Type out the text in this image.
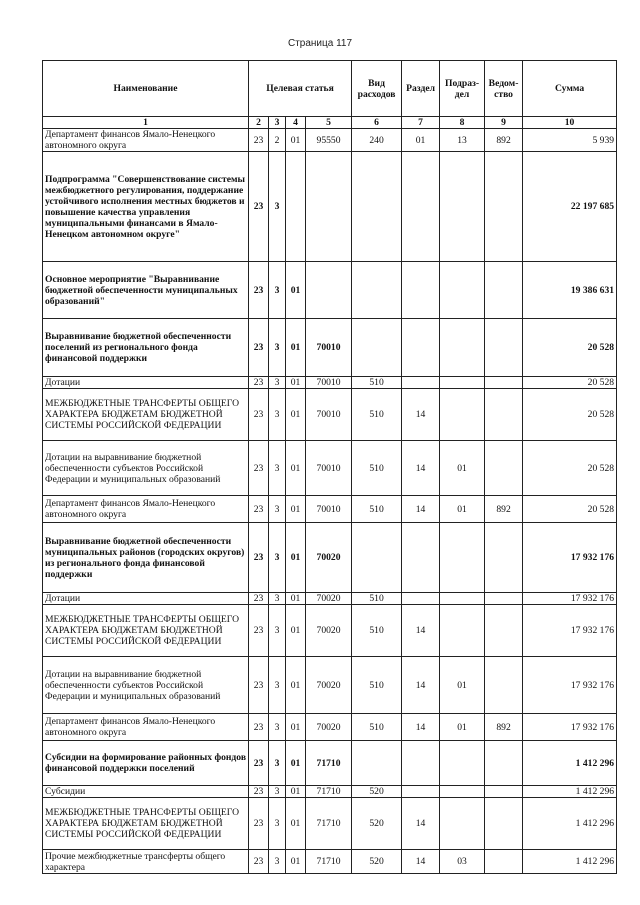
Страница 117
Наименование	Целевая статья				Вид расходов	Раздел	Подраз-дел	Ведом-ство	Сумма
1	2	3	4	5	6	7	8	9	10
Департамент финансов Ямало-Ненецкого автономного округа	23	2	01	95550	240	01	13	892	5 939
Подпрограмма "Совершенствование системы межбюджетного регулирования, поддержание устойчивого исполнения местных бюджетов и повышение качества управления муниципальными финансами в Ямало-Ненецком автономном округе"	23	3							22 197 685
Основное мероприятие "Выравнивание бюджетной обеспеченности муниципальных образований"	23	3	01						19 386 631
Выравнивание бюджетной обеспеченности поселений из регионального фонда финансовой поддержки	23	3	01	70010					20 528
Дотации	23	3	01	70010	510				20 528
МЕЖБЮДЖЕТНЫЕ ТРАНСФЕРТЫ ОБЩЕГО ХАРАКТЕРА БЮДЖЕТАМ БЮДЖЕТНОЙ СИСТЕМЫ РОССИЙСКОЙ ФЕДЕРАЦИИ	23	3	01	70010	510	14			20 528
Дотации на выравнивание бюджетной обеспеченности субъектов Российской Федерации и муниципальных образований	23	3	01	70010	510	14	01		20 528
Департамент финансов Ямало-Ненецкого автономного округа	23	3	01	70010	510	14	01	892	20 528
Выравнивание бюджетной обеспеченности муниципальных районов (городских округов) из регионального фонда финансовой поддержки	23	3	01	70020					17 932 176
Дотации	23	3	01	70020	510				17 932 176
МЕЖБЮДЖЕТНЫЕ ТРАНСФЕРТЫ ОБЩЕГО ХАРАКТЕРА БЮДЖЕТАМ БЮДЖЕТНОЙ СИСТЕМЫ РОССИЙСКОЙ ФЕДЕРАЦИИ	23	3	01	70020	510	14			17 932 176
Дотации на выравнивание бюджетной обеспеченности субъектов Российской Федерации и муниципальных образований	23	3	01	70020	510	14	01		17 932 176
Департамент финансов Ямало-Ненецкого автономного округа	23	3	01	70020	510	14	01	892	17 932 176
Субсидии на формирование районных фондов финансовой поддержки поселений	23	3	01	71710					1 412 296
Субсидии	23	3	01	71710	520				1 412 296
МЕЖБЮДЖЕТНЫЕ ТРАНСФЕРТЫ ОБЩЕГО ХАРАКТЕРА БЮДЖЕТАМ БЮДЖЕТНОЙ СИСТЕМЫ РОССИЙСКОЙ ФЕДЕРАЦИИ	23	3	01	71710	520	14			1 412 296
Прочие межбюджетные трансферты общего характера	23	3	01	71710	520	14	03		1 412 296
